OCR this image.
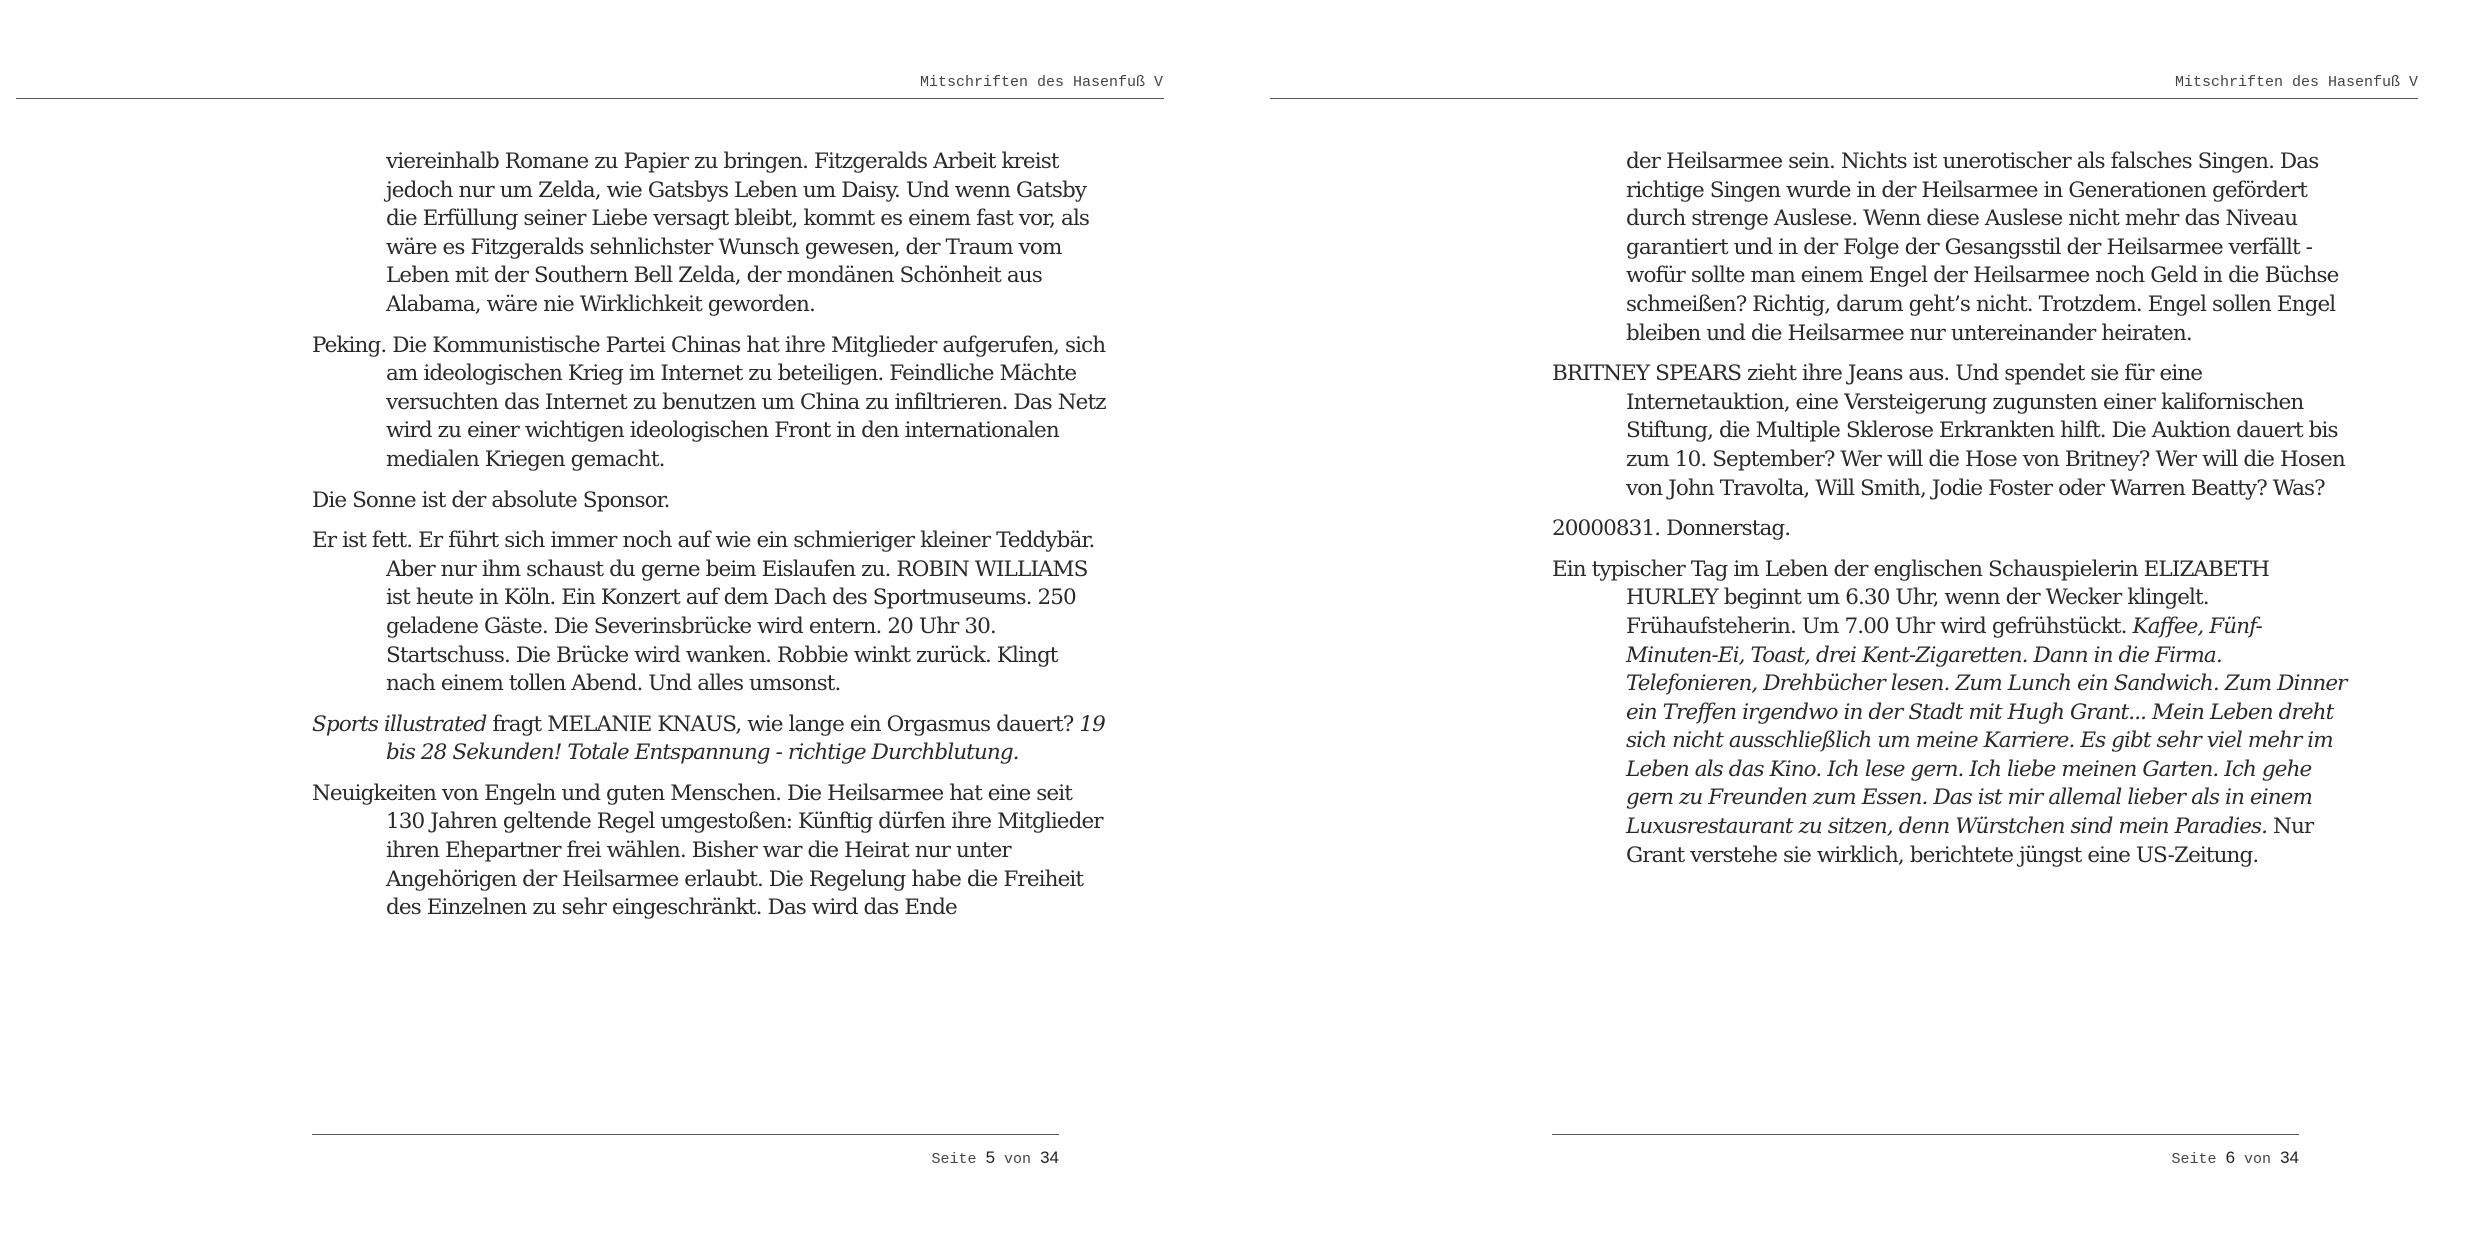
Mitschriften des Hasenfuß V

viereinhalb Romane zu Papier zu bringen. Fitzgeralds Arbeit kreist jedoch nur um Zelda, wie Gatsbys Leben um Daisy. Und wenn Gatsby die Erfüllung seiner Liebe versagt bleibt, kommt es einem fast vor, als wäre es Fitzgeralds sehnlichster Wunsch gewesen, der Traum vom Leben mit der Southern Bell Zelda, der mondänen Schönheit aus Alabama, wäre nie Wirklichkeit geworden.

Peking. Die Kommunistische Partei Chinas hat ihre Mitglieder aufgerufen, sich am ideologischen Krieg im Internet zu beteiligen. Feindliche Mächte versuchten das Internet zu benutzen um China zu infiltrieren. Das Netz wird zu einer wichtigen ideologischen Front in den internationalen medialen Kriegen gemacht.

Die Sonne ist der absolute Sponsor.

Er ist fett. Er führt sich immer noch auf wie ein schmieriger kleiner Teddybär. Aber nur ihm schaust du gerne beim Eislaufen zu. ROBIN WILLIAMS ist heute in Köln. Ein Konzert auf dem Dach des Sportmuseums. 250 geladene Gäste. Die Severinsbrücke wird entern. 20 Uhr 30. Startschuss. Die Brücke wird wanken. Robbie winkt zurück. Klingt nach einem tollen Abend. Und alles umsonst.

Sports illustrated fragt MELANIE KNAUS, wie lange ein Orgasmus dauert? 19 bis 28 Sekunden! Totale Entspannung - richtige Durchblutung.

Neuigkeiten von Engeln und guten Menschen. Die Heilsarmee hat eine seit 130 Jahren geltende Regel umgestoßen: Künftig dürfen ihre Mitglieder ihren Ehepartner frei wählen. Bisher war die Heirat nur unter Angehörigen der Heilsarmee erlaubt. Die Regelung habe die Freiheit des Einzelnen zu sehr eingeschränkt. Das wird das Ende

Seite 5 von 34
Mitschriften des Hasenfuß V

der Heilsarmee sein. Nichts ist unerotischer als falsches Singen. Das richtige Singen wurde in der Heilsarmee in Generationen gefördert durch strenge Auslese. Wenn diese Auslese nicht mehr das Niveau garantiert und in der Folge der Gesangsstil der Heilsarmee verfällt - wofür sollte man einem Engel der Heilsarmee noch Geld in die Büchse schmeißen? Richtig, darum geht’s nicht. Trotzdem. Engel sollen Engel bleiben und die Heilsarmee nur untereinander heiraten.

BRITNEY SPEARS zieht ihre Jeans aus. Und spendet sie für eine Internetauktion, eine Versteigerung zugunsten einer kalifornischen Stiftung, die Multiple Sklerose Erkrankten hilft. Die Auktion dauert bis zum 10. September? Wer will die Hose von Britney? Wer will die Hosen von John Travolta, Will Smith, Jodie Foster oder Warren Beatty? Was?

20000831. Donnerstag.

Ein typischer Tag im Leben der englischen Schauspielerin ELIZABETH HURLEY beginnt um 6.30 Uhr, wenn der Wecker klingelt. Frühaufsteherin. Um 7.00 Uhr wird gefrühstückt. Kaffee, Fünf-Minuten-Ei, Toast, drei Kent-Zigaretten. Dann in die Firma. Telefonieren, Drehbücher lesen. Zum Lunch ein Sandwich. Zum Dinner ein Treffen irgendwo in der Stadt mit Hugh Grant... Mein Leben dreht sich nicht ausschließlich um meine Karriere. Es gibt sehr viel mehr im Leben als das Kino. Ich lese gern. Ich liebe meinen Garten. Ich gehe gern zu Freunden zum Essen. Das ist mir allemal lieber als in einem Luxusrestaurant zu sitzen, denn Würstchen sind mein Paradies. Nur Grant verstehe sie wirklich, berichtete jüngst eine US-Zeitung.

Seite 6 von 34
